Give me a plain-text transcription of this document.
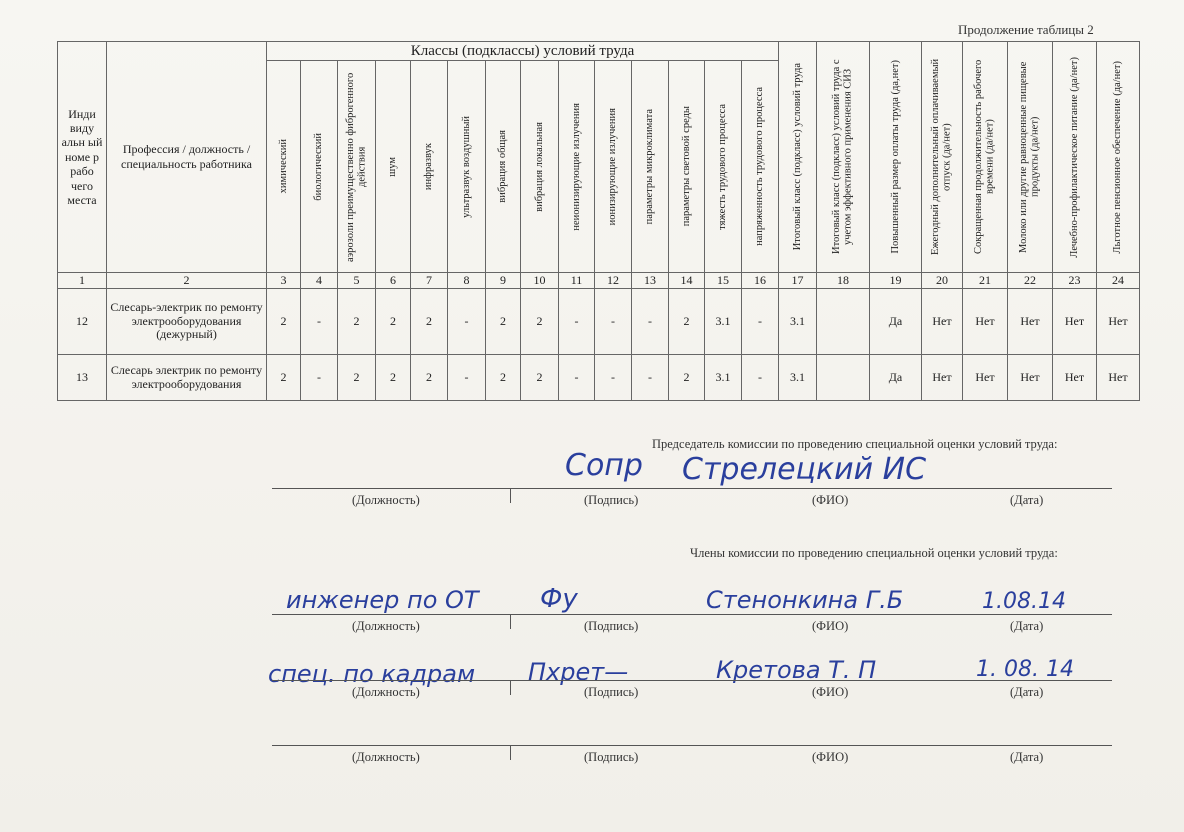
Продолжение таблицы 2
Инди виду альн ый номе р рабо чего места	Профессия / должность / специальность работника	Классы (подклассы) условий труда														Итоговый класс (подкласс) условий труда	Итоговый класс (подкласс) условий труда с учетом эффективного применения СИЗ	Повышенный размер оплаты труда (да,нет)	Ежегодный дополнительный оплачиваемый отпуск (да/нет)	Сокращенная продолжительность рабочего времени (да/нет)	Молоко или другие равноценные пищевые продукты (да/нет)	Лечебно-профилактическое питание (да/нет)	Льготное пенсионное обеспечение (да/нет)

		химический	биологический	аэрозоли преимущественно фиброгенного действия	шум	инфразвук	ультразвук воздушный	вибрация общая	вибрация локальная	неионизирующие излучения	ионизирующие излучения	параметры микроклимата	параметры световой среды	тяжесть трудового процесса	напряженность трудового процесса								

1	2	3	4	5	6	7	8	9	10	11	12	13	14	15	16	17	18	19	20	21	22	23	24
12	Слесарь-электрик по ремонту электрооборудования (дежурный)	2	-	2	2	2	-	2	2	-	-	-	2	3.1	-	3.1		Да	Нет	Нет	Нет	Нет	Нет
13	Слесарь электрик по ремонту электрооборудования	2	-	2	2	2	-	2	2	-	-	-	2	3.1	-	3.1		Да	Нет	Нет	Нет	Нет	Нет
Председатель комиссии по проведению специальной оценки условий труда:
Сопр Стрелецкий ИС
(Должность)	(Подпись)	(ФИО)	(Дата)
Члены комиссии по проведению специальной оценки условий труда:
инженер по ОТ Фу	Стенонкина Г.Б	1.08.14
(Должность)	(Подпись)	(ФИО)	(Дата)
спец. по кадрам Пхрет—	Кретова Т. П	1. 08. 14
(Должность)	(Подпись)	(ФИО)	(Дата)
(Должность)	(Подпись)	(ФИО)	(Дата)
